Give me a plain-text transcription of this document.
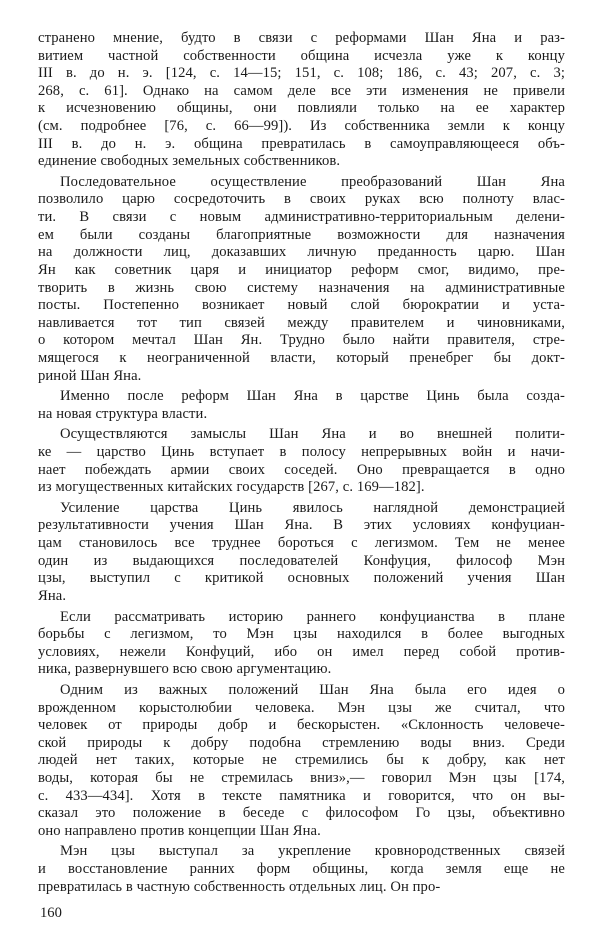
странено мнение, будто в связи с реформами Шан Яна и раз-
витием частной собственности община исчезла уже к концу
III в. до н. э. [124, с. 14—15; 151, с. 108; 186, с. 43; 207, с. 3;
268, с. 61]. Однако на самом деле все эти изменения не привели
к исчезновению общины, они повлияли только на ее характер
(см. подробнее [76, с. 66—99]). Из собственника земли к концу
III в. до н. э. община превратилась в самоуправляющееся объ-
единение свободных земельных собственников.
Последовательное осуществление преобразований Шан Яна
позволило царю сосредоточить в своих руках всю полноту влас-
ти. В связи с новым административно-территориальным делени-
ем были созданы благоприятные возможности для назначения
на должности лиц, доказавших личную преданность царю. Шан
Ян как советник царя и инициатор реформ смог, видимо, пре-
творить в жизнь свою систему назначения на административные
посты. Постепенно возникает новый слой бюрократии и уста-
навливается тот тип связей между правителем и чиновниками,
о котором мечтал Шан Ян. Трудно было найти правителя, стре-
мящегося к неограниченной власти, который пренебрег бы докт-
риной Шан Яна.
Именно после реформ Шан Яна в царстве Цинь была созда-
на новая структура власти.
Осуществляются замыслы Шан Яна и во внешней полити-
ке — царство Цинь вступает в полосу непрерывных войн и начи-
нает побеждать армии своих соседей. Оно превращается в одно
из могущественных китайских государств [267, с. 169—182].
Усиление царства Цинь явилось наглядной демонстрацией
результативности учения Шан Яна. В этих условиях конфуциан-
цам становилось все труднее бороться с легизмом. Тем не менее
один из выдающихся последователей Конфуция, философ Мэн
цзы, выступил с критикой основных положений учения Шан
Яна.
Если рассматривать историю раннего конфуцианства в плане
борьбы с легизмом, то Мэн цзы находился в более выгодных
условиях, нежели Конфуций, ибо он имел перед собой против-
ника, развернувшего всю свою аргументацию.
Одним из важных положений Шан Яна была его идея о
врожденном корыстолюбии человека. Мэн цзы же считал, что
человек от природы добр и бескорыстен. «Склонность человече-
ской природы к добру подобна стремлению воды вниз. Среди
людей нет таких, которые не стремились бы к добру, как нет
воды, которая бы не стремилась вниз»,— говорил Мэн цзы [174,
с. 433—434]. Хотя в тексте памятника и говорится, что он вы-
сказал это положение в беседе с философом Го цзы, объективно
оно направлено против концепции Шан Яна.
Мэн цзы выступал за укрепление кровнородственных связей
и восстановление ранних форм общины, когда земля еще не
превратилась в частную собственность отдельных лиц. Он про-
160
